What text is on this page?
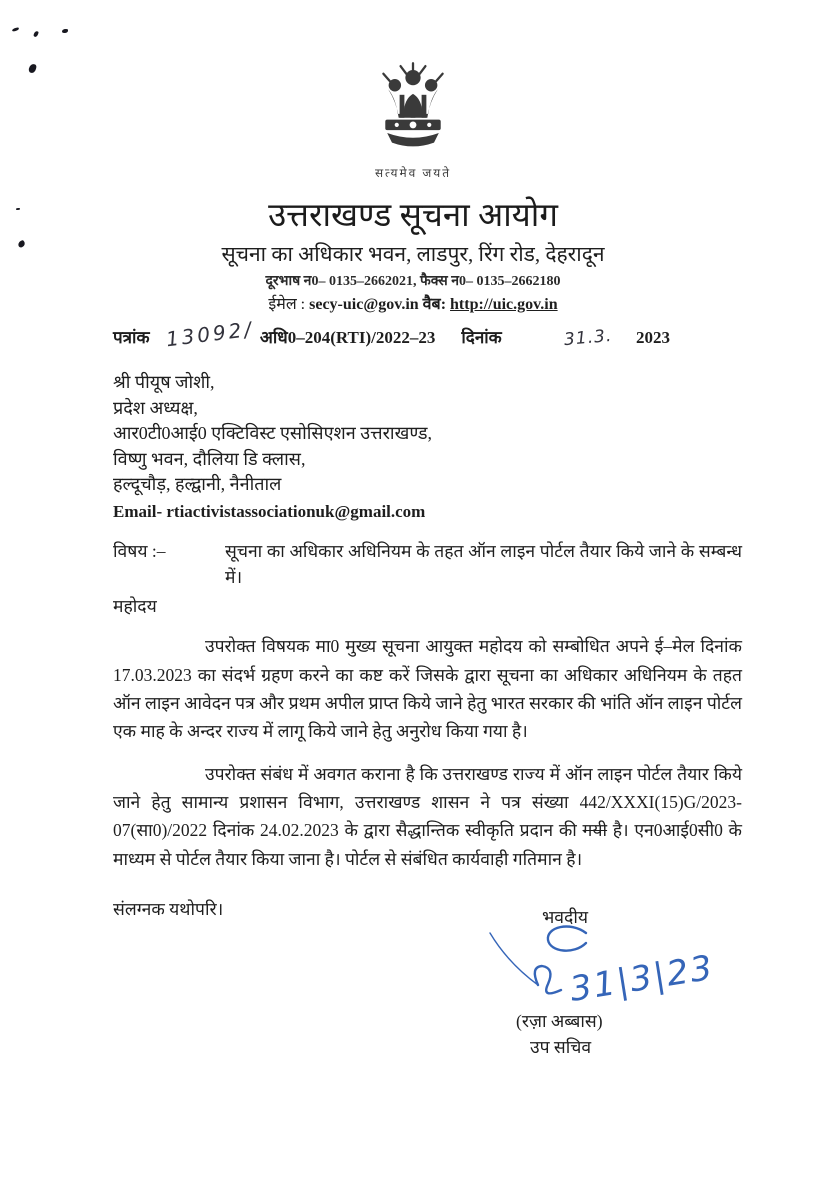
सत्यमेव जयते
उत्तराखण्ड सूचना आयोग
सूचना का अधिकार भवन, लाडपुर, रिंग रोड, देहरादून
दूरभाष न0– 0135–2662021, फैक्स न0– 0135–2662180
ईमेल : secy-uic@gov.in वैब: http://uic.gov.in
पत्रांक 13092/ अधि0–204(RTI)/2022–23 दिनांक	31.3. 2023
श्री पीयूष जोशी,
प्रदेश अध्यक्ष,
आर0टी0आई0 एक्टिविस्ट एसोसिएशन उत्तराखण्ड,
विष्णु भवन, दौलिया डि क्लास,
हल्दूचौड़, हल्द्वानी, नैनीताल
Email- rtiactivistassociationuk@gmail.com
विषय :–	सूचना का अधिकार अधिनियम के तहत ऑन लाइन पोर्टल तैयार किये जाने के सम्बन्ध में।
महोदय

उपरोक्त विषयक मा0 मुख्य सूचना आयुक्त महोदय को सम्बोधित अपने ई–मेल दिनांक 17.03.2023 का संदर्भ ग्रहण करने का कष्ट करें जिसके द्वारा सूचना का अधिकार अधिनियम के तहत ऑन लाइन आवेदन पत्र और प्रथम अपील प्राप्त किये जाने हेतु भारत सरकार की भांति ऑन लाइन पोर्टल एक माह के अन्दर राज्य में लागू किये जाने हेतु अनुरोध किया गया है।

उपरोक्त संबंध में अवगत कराना है कि उत्तराखण्ड राज्य में ऑन लाइन पोर्टल तैयार किये जाने हेतु सामान्य प्रशासन विभाग, उत्तराखण्ड शासन ने पत्र संख्या 442/XXXI(15)G/2023-07(सा0)/2022 दिनांक 24.02.2023 के द्वारा सैद्धान्तिक स्वीकृति प्रदान की गयी है। एन0आई0सी0 के माध्यम से पोर्टल तैयार किया जाना है। पोर्टल से संबंधित कार्यवाही गतिमान है।

संलग्नक यथोपरि।	भवदीय
31|3|23
(रज़ा अब्बास)
उप सचिव
